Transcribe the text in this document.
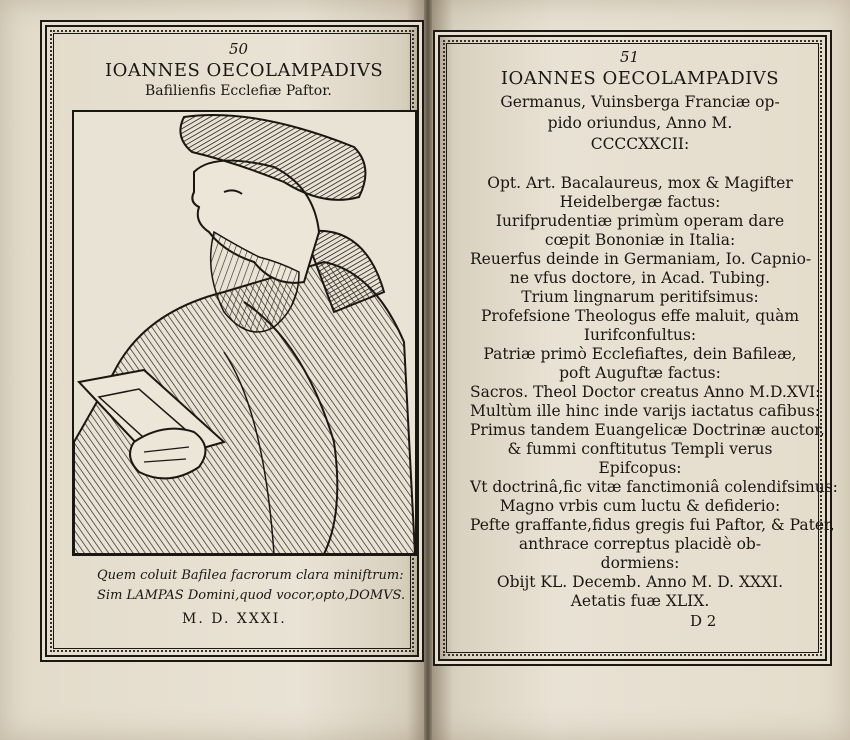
50
IOANNES OECOLAMPADIVS
Bafilienfis Ecclefiæ Paftor.
Quem coluit Bafilea facrorum clara miniftrum:
Sim LAMPAS Domini,quod vocor,opto,DOMVS.
M. D. XXXI.
51
IOANNES OECOLAMPADIVS
Germanus, Vuinsberga Franciæ op-
pido oriundus, Anno M.
CCCCXXCII:
Opt. Art. Bacalaureus, mox & Magifter
Heidelbergæ factus:
Iurifprudentiæ primùm operam dare
cœpit Bononiæ in Italia:
Reuerfus deinde in Germaniam, Io. Capnio-
ne vfus doctore, in Acad. Tubing.
Trium lingnarum peritifsimus:
Profefsione Theologus effe maluit, quàm
Iurifconfultus:
Patriæ primò Ecclefiaftes, dein Bafileæ,
poft Auguftæ factus:
Sacros. Theol Doctor creatus Anno M.D.XVI:
Multùm ille hinc inde varijs iactatus cafibus:
Primus tandem Euangelicæ Doctrinæ auctor,
& fummi conftitutus Templi verus
Epifcopus:
Vt doctrinâ,fic vitæ fanctimoniâ colendifsimus:
Magno vrbis cum luctu & defiderio:
Pefte graffante,fidus gregis fui Paftor, & Pater,
anthrace correptus placidè ob-
dormiens:
Obijt KL. Decemb. Anno M. D. XXXI.
Aetatis fuæ XLIX.
D 2
